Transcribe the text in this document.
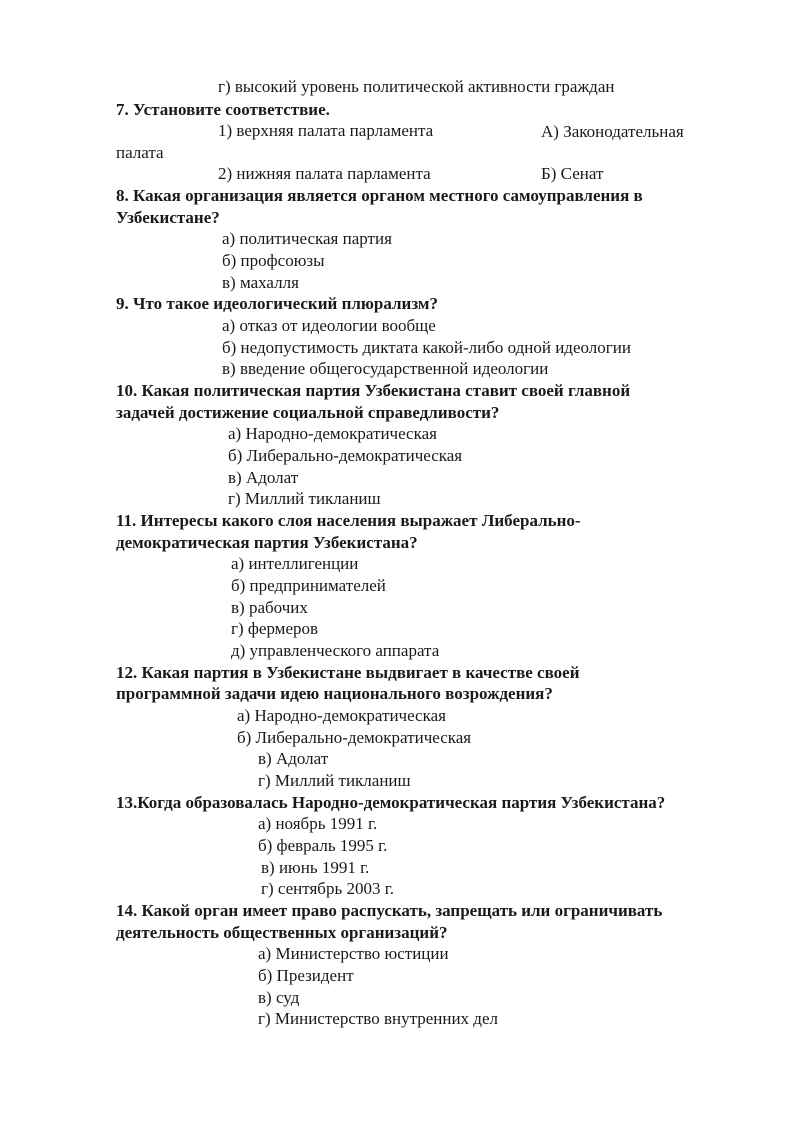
г) высокий уровень политической активности граждан
7. Установите соответствие.
1) верхняя палата парламента	А) Законодательная
палата
2) нижняя палата парламента	Б) Сенат
8. Какая организация является органом местного самоуправления в
Узбекистане?
а) политическая партия
б) профсоюзы
в) махалля
9. Что такое идеологический плюрализм?
а) отказ от идеологии вообще
б) недопустимость диктата какой-либо одной идеологии
в) введение общегосударственной идеологии
10. Какая политическая партия Узбекистана ставит своей главной
задачей достижение социальной справедливости?
а) Народно-демократическая
б) Либерально-демократическая
в) Адолат
г) Миллий тикланиш
11. Интересы какого слоя населения выражает Либерально-
демократическая партия Узбекистана?
а) интеллигенции
б) предпринимателей
в) рабочих
г) фермеров
д) управленческого аппарата
12. Какая партия в Узбекистане выдвигает в качестве своей
программной задачи идею национального возрождения?
а) Народно-демократическая
б) Либерально-демократическая
в) Адолат
г) Миллий тикланиш
13.Когда образовалась Народно-демократическая партия Узбекистана?
а) ноябрь 1991 г.
б) февраль 1995 г.
в) июнь 1991 г.
г) сентябрь 2003 г.
14. Какой орган имеет право распускать, запрещать или ограничивать
деятельность общественных организаций?
а) Министерство юстиции
б) Президент
в) суд
г) Министерство внутренних дел
